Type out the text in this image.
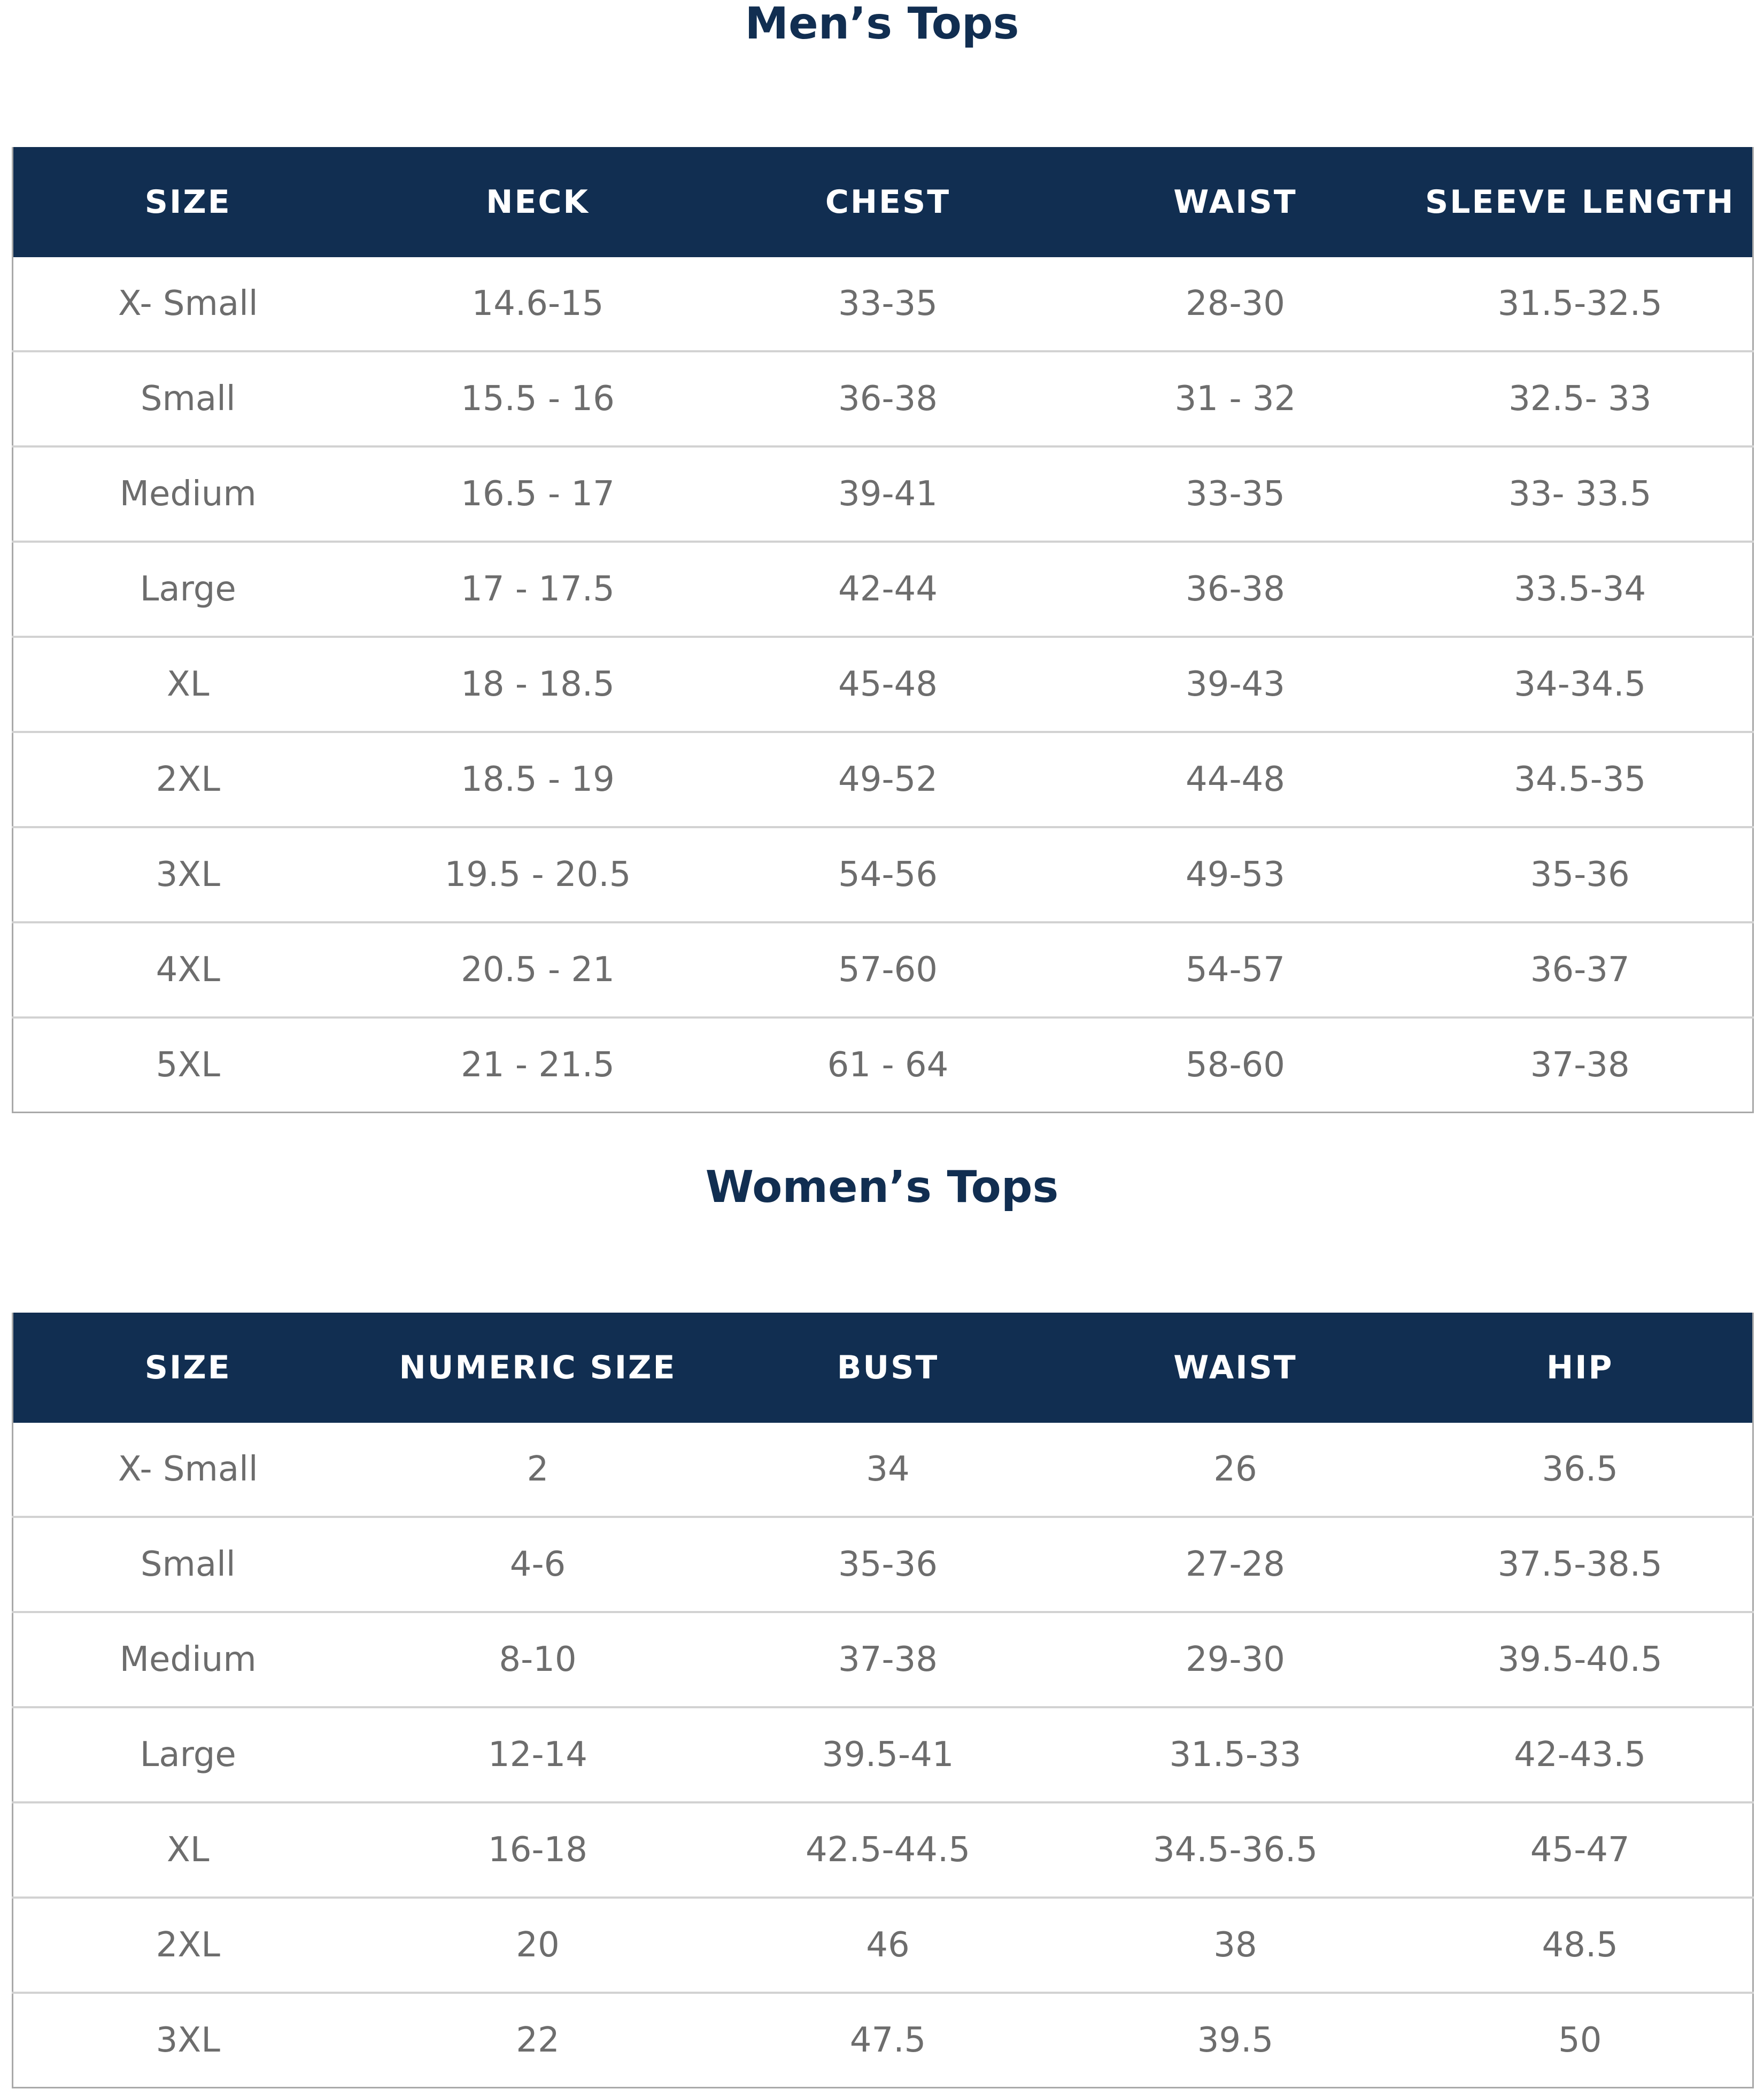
Men’s Tops
SIZE	NECK	CHEST	WAIST	SLEEVE LENGTH
X- Small	14.6-15	33-35	28-30	31.5-32.5
Small	15.5 - 16	36-38	31 - 32	32.5- 33
Medium	16.5 - 17	39-41	33-35	33- 33.5
Large	17 - 17.5	42-44	36-38	33.5-34
XL	18 - 18.5	45-48	39-43	34-34.5
2XL	18.5 - 19	49-52	44-48	34.5-35
3XL	19.5 - 20.5	54-56	49-53	35-36
4XL	20.5 - 21	57-60	54-57	36-37
5XL	21 - 21.5	61 - 64	58-60	37-38
Women’s Tops
SIZE	NUMERIC SIZE	BUST	WAIST	HIP
X- Small	2	34	26	36.5
Small	4-6	35-36	27-28	37.5-38.5
Medium	8-10	37-38	29-30	39.5-40.5
Large	12-14	39.5-41	31.5-33	42-43.5
XL	16-18	42.5-44.5	34.5-36.5	45-47
2XL	20	46	38	48.5
3XL	22	47.5	39.5	50
